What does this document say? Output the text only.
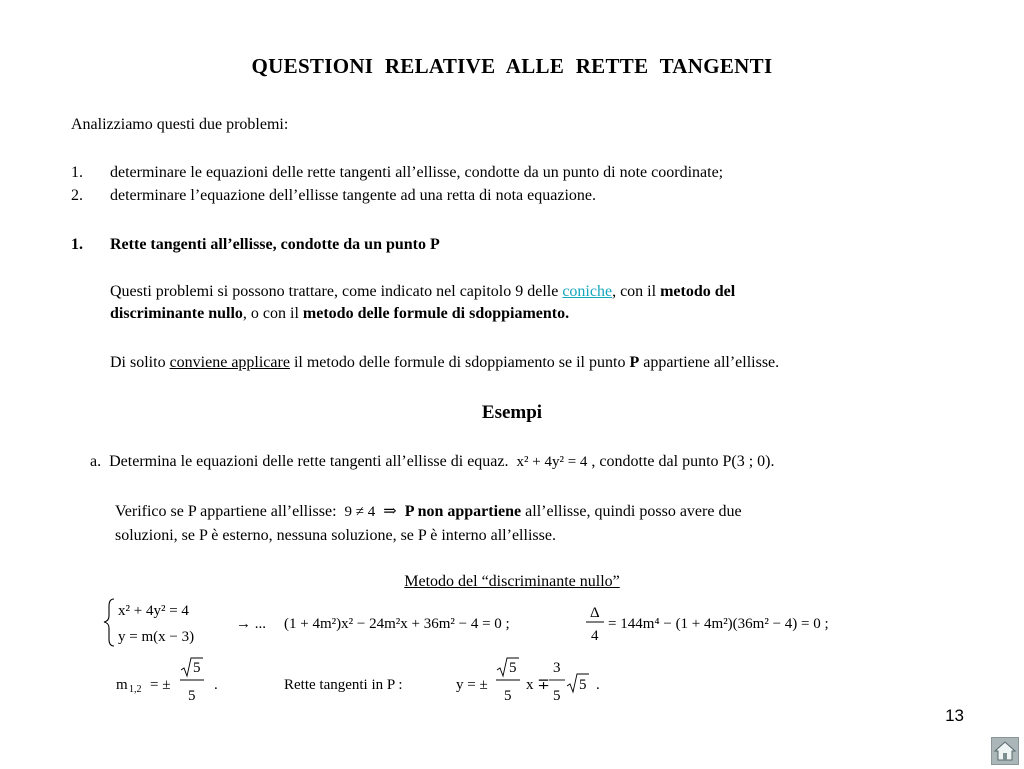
QUESTIONI RELATIVE ALLE RETTE TANGENTI
Analizziamo questi due problemi:
1. determinare le equazioni delle rette tangenti all’ellisse, condotte da un punto di note coordinate;
2. determinare l’equazione dell’ellisse tangente ad una retta di nota equazione.
1. Rette tangenti all’ellisse, condotte da un punto P
Questi problemi si possono trattare, come indicato nel capitolo 9 delle coniche, con il metodo del
discriminante nullo, o con il metodo delle formule di sdoppiamento.
Di solito conviene applicare il metodo delle formule di sdoppiamento se il punto P appartiene all’ellisse.
Esempi
a. Determina le equazioni delle rette tangenti all’ellisse di equaz. x² + 4y² = 4 , condotte dal punto P(3 ; 0).
Verifico se P appartiene all’ellisse: 9 ≠ 4 ⇒ P non appartiene all’ellisse, quindi posso avere due
soluzioni, se P è esterno, nessuna soluzione, se P è interno all’ellisse.
Metodo del “discriminante nullo”
x² + 4y² = 4
y = m(x − 3)
→ ... (1 + 4m²)x² − 24m²x + 36m² − 4 = 0 ;
Δ
4
= 144m⁴ − (1 + 4m²)(36m² − 4) = 0 ;
m 1,2 = ±
5
5
.	Rette tangenti in P :	y = ±
5
5
x ∓
3
5
5 .
13
